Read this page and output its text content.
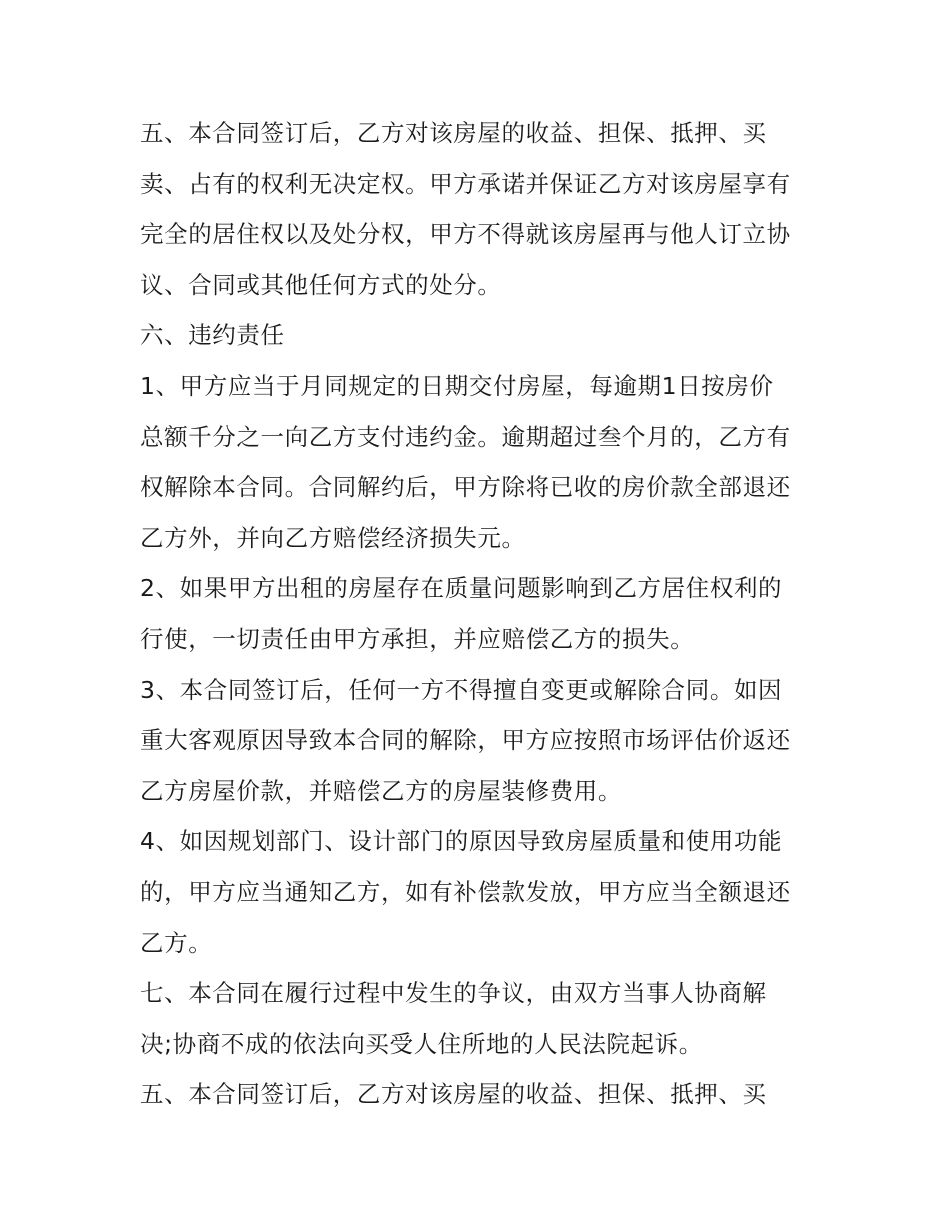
五、本合同签订后，乙方对该房屋的收益、担保、抵押、买

卖、占有的权利无决定权。甲方承诺并保证乙方对该房屋享有

完全的居住权以及处分权，甲方不得就该房屋再与他人订立协

议、合同或其他任何方式的处分。

六、违约责任

1、甲方应当于月同规定的日期交付房屋，每逾期1日按房价

总额千分之一向乙方支付违约金。逾期超过叁个月的，乙方有

权解除本合同。合同解约后，甲方除将已收的房价款全部退还

乙方外，并向乙方赔偿经济损失元。

2、如果甲方出租的房屋存在质量问题影响到乙方居住权利的

行使，一切责任由甲方承担，并应赔偿乙方的损失。

3、本合同签订后，任何一方不得擅自变更或解除合同。如因

重大客观原因导致本合同的解除，甲方应按照市场评估价返还

乙方房屋价款，并赔偿乙方的房屋装修费用。

4、如因规划部门、设计部门的原因导致房屋质量和使用功能

的，甲方应当通知乙方，如有补偿款发放，甲方应当全额退还

乙方。

七、本合同在履行过程中发生的争议，由双方当事人协商解

决;协商不成的依法向买受人住所地的人民法院起诉。

五、本合同签订后，乙方对该房屋的收益、担保、抵押、买
